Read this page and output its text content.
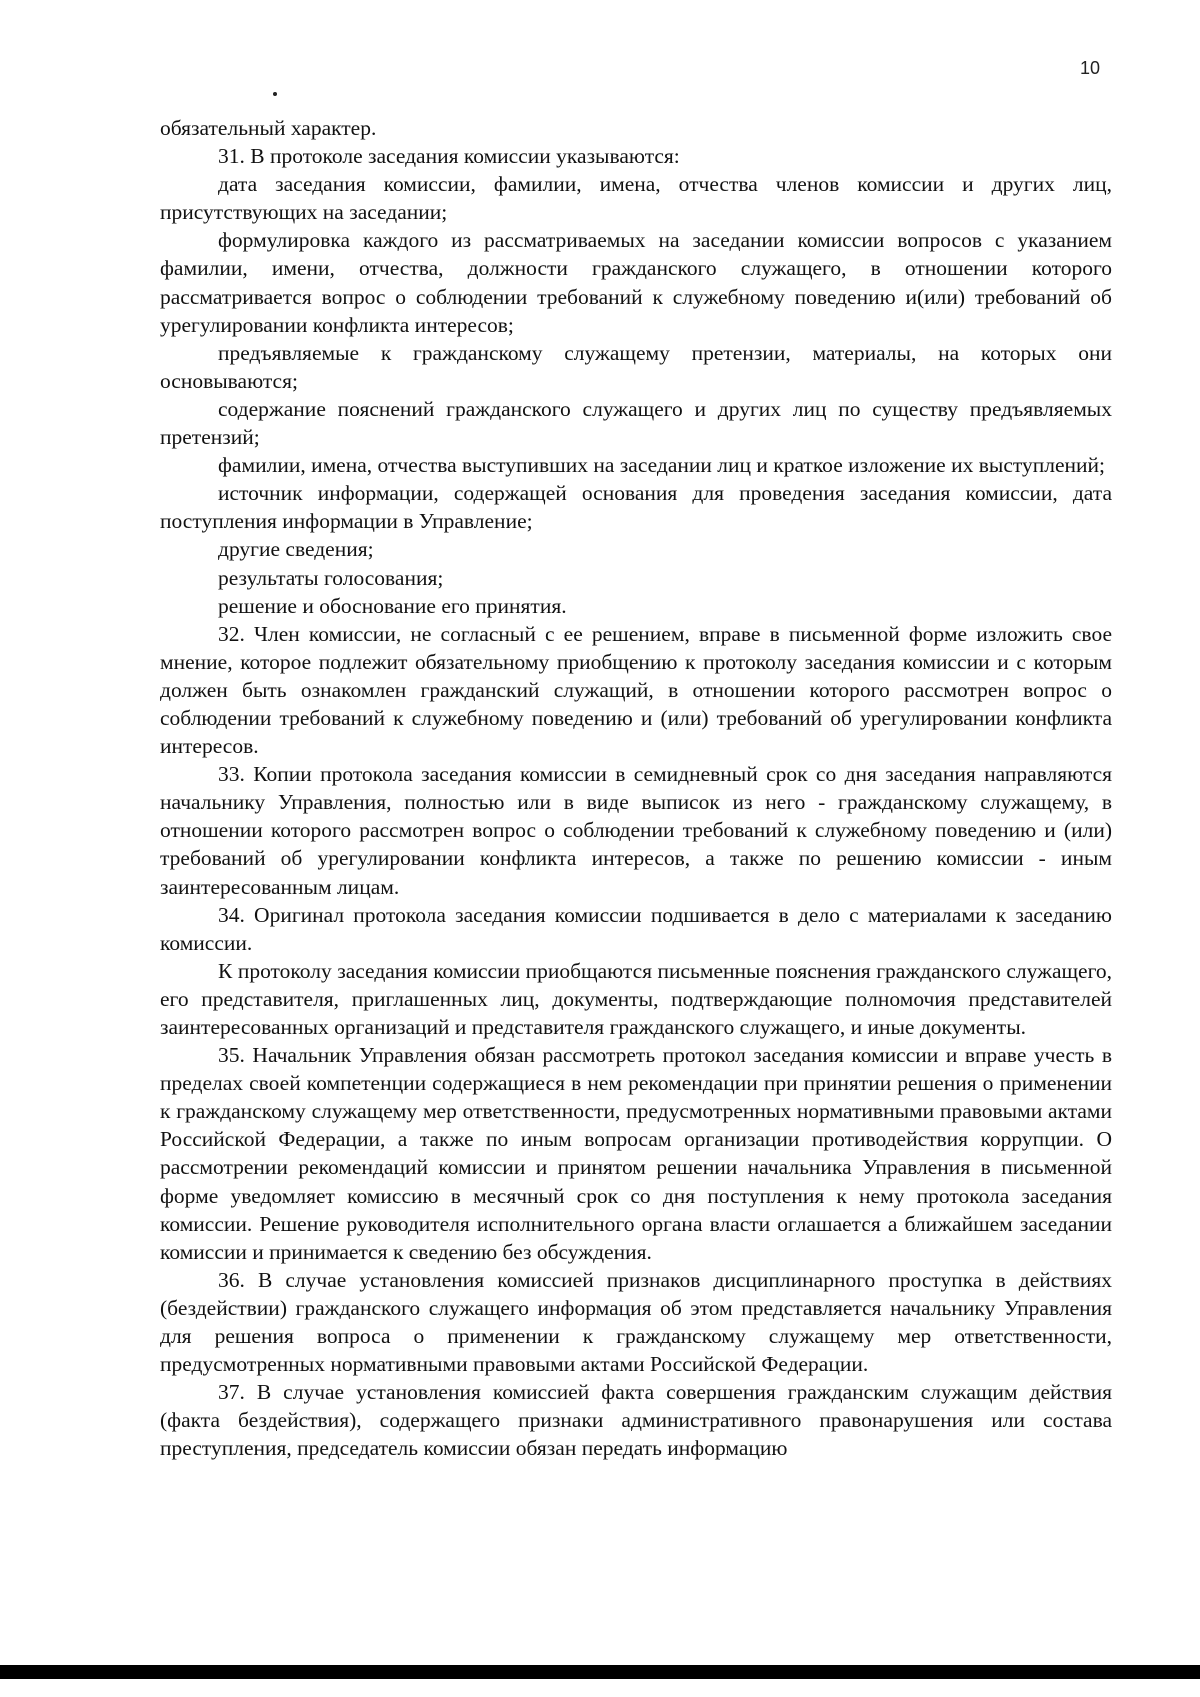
10

обязательный характер.

31. В протоколе заседания комиссии указываются:

дата заседания комиссии, фамилии, имена, отчества членов комиссии и других лиц, присутствующих на заседании;

формулировка каждого из рассматриваемых на заседании комиссии вопросов с указанием фамилии, имени, отчества, должности гражданского служащего, в отношении которого рассматривается вопрос о соблюдении требований к служебному поведению и(или) требований об урегулировании конфликта интересов;

предъявляемые к гражданскому служащему претензии, материалы, на которых они основываются;

содержание пояснений гражданского служащего и других лиц по существу предъявляемых претензий;

фамилии, имена, отчества выступивших на заседании лиц и краткое изложение их выступлений;

источник информации, содержащей основания для проведения заседания комиссии, дата поступления информации в Управление;

другие сведения;

результаты голосования;

решение и обоснование его принятия.

32. Член комиссии, не согласный с ее решением, вправе в письменной форме изложить свое мнение, которое подлежит обязательному приобщению к протоколу заседания комиссии и с которым должен быть ознакомлен гражданский служащий, в отношении которого рассмотрен вопрос о соблюдении требований к служебному поведению и (или) требований об урегулировании конфликта интересов.

33. Копии протокола заседания комиссии в семидневный срок со дня заседания направляются начальнику Управления, полностью или в виде выписок из него - гражданскому служащему, в отношении которого рассмотрен вопрос о соблюдении требований к служебному поведению и (или) требований об урегулировании конфликта интересов, а также по решению комиссии - иным заинтересованным лицам.

34. Оригинал протокола заседания комиссии подшивается в дело с материалами к заседанию комиссии.

К протоколу заседания комиссии приобщаются письменные пояснения гражданского служащего, его представителя, приглашенных лиц, документы, подтверждающие полномочия представителей заинтересованных организаций и представителя гражданского служащего, и иные документы.

35. Начальник Управления обязан рассмотреть протокол заседания комиссии и вправе учесть в пределах своей компетенции содержащиеся в нем рекомендации при принятии решения о применении к гражданскому служащему мер ответственности, предусмотренных нормативными правовыми актами Российской Федерации, а также по иным вопросам организации противодействия коррупции. О рассмотрении рекомендаций комиссии и принятом решении начальника Управления в письменной форме уведомляет комиссию в месячный срок со дня поступления к нему протокола заседания комиссии. Решение руководителя исполнительного органа власти оглашается а ближайшем заседании комиссии и принимается к сведению без обсуждения.

36. В случае установления комиссией признаков дисциплинарного проступка в действиях (бездействии) гражданского служащего информация об этом представляется начальнику Управления для решения вопроса о применении к гражданскому служащему мер ответственности, предусмотренных нормативными правовыми актами Российской Федерации.

37. В случае установления комиссией факта совершения гражданским служащим действия (факта бездействия), содержащего признаки административного правонарушения или состава преступления, председатель комиссии обязан передать информацию
